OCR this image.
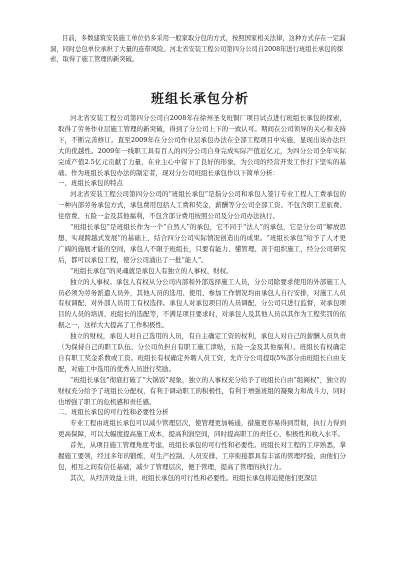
目前，多数建筑安装施工单位仍多采用一般家取分包的方式，按照国家相关法律，这种方式存在一定漏洞，同时总包单位承担了大量的连带风险。河北省安装工程公司第四分公司自2008年进行班组长承包的探索，取得了施工管理的新突破。

班组长承包分析

河北省安装工程公司第四分公司自2008年在徐州圣戈班铜厂项目试点进行班组长承包的探索，取得了劳务作业层施工管理的新突破，得到了分公司上下的一致认可。期间在公司领导的关心和支持下，不断完善修订。直至2009年在分公司作业层承包办法在全部工程项目中实施，显现出该办法巨大的优越性。2009年一线职工具有百人的四分公司自身完成实际产值近亿元，为四分公司全年实际完成产值2.5亿元贡献了力量，在业主心中留下了良好的形象，为公司的经营开发工作打下坚实的基础。作为班组长承包办法的制定者，现对分公司班组长承包作以下简单分析：

一、班组长承包的特点

河北省安装工程公司第四分公司的“班组长承包”是指分公司和承包人签订专业工程人工费承包的一种内部劳务承包方式，承包费用包括人工费和奖金，薪酬等分公司全部工资。不包含职工差旅费、住宿费、五险一金及其他福利，不包含部分费用按照公司及分公司办法执行。

“班组长承包”是班组长作为一个“自然人”的承包，它不同于“法人”的承包，它是分公司“解放思想、实现跨越式发展”的基础上，结合四分公司实际情况创造出的成果。“班组长承包”给予了人才更广阔的施展才能的空间，承包人不限于班组长，只要有能力、懂管理、善于组织施工，经分公司研究后，都可以承包工程，使分公司涌出了一批“能人”。

“班组长承包”的灵魂就是承包人有独立的人事权、财权。

独立的人事权。承包人有权从分公司内部和外部选择施工人员，分公司除要求使用的外部施工人员必须为劳务派遣人员外，其他人员的选用、使用、参加工作情况均由承包人自行安排，对施工人员有权调配、对外部人员用工有权选择。承包人对承包项目的人员调配、分公司只进行监督，对承包项目的人员的培训、班组长的选配等，不满足项目要求时，对承包人及其他人员以其作为工程奖罚的依据之一，这样大大提高了工作积极性。

独立的财权，承包人对自己选用的人员，有自主确定工资的权利，承包人对自己的薪酬人员负责（为保持自己的职工队伍、分公司负担自有职工施工津贴，五险一金及其他福利）。班组长有权确定自有职工奖金系数或工资。班组长有权确定外聘人员工资，允许分公司提取5%部分由班组长自由支配，对施工中选用的优秀人员进行奖励。

“班组长承包”彻底打破了“大锅饭”现象，独立的人事权充分给予了班组长自由“组阁权”，独立的财权充分给予了班组长分配权，有利于调动职工的积极性，有利于增强班组的凝聚力和战斗力，同时也增强了职工的危机感和责任感。

二、班组长承包的可行性和必要性分析

专业工程由班组长承包可以减少管理层次，使管理更加畅通，措施更容易得到贯彻，执行力得到更高保障，可以大幅度提高施工成本，提高利润空间，同时提高职工的责任心，积极性和收入水平。

首先，从项目施工管理角度考虑，班组长承包的可行性和必要性。班组长对工程的工序熟悉，掌握施工要领，经过多年的锻炼，对生产控制、人员安排、工序衔接都具有丰富的管理经验，由他们分包，相互之间有信任基础，减少了管理层次，便于管理，提高了管理的执行力。

其次，从经济效益上讲，班组长承包的可行性和必要性。班组长承包将迫使他们更深层
